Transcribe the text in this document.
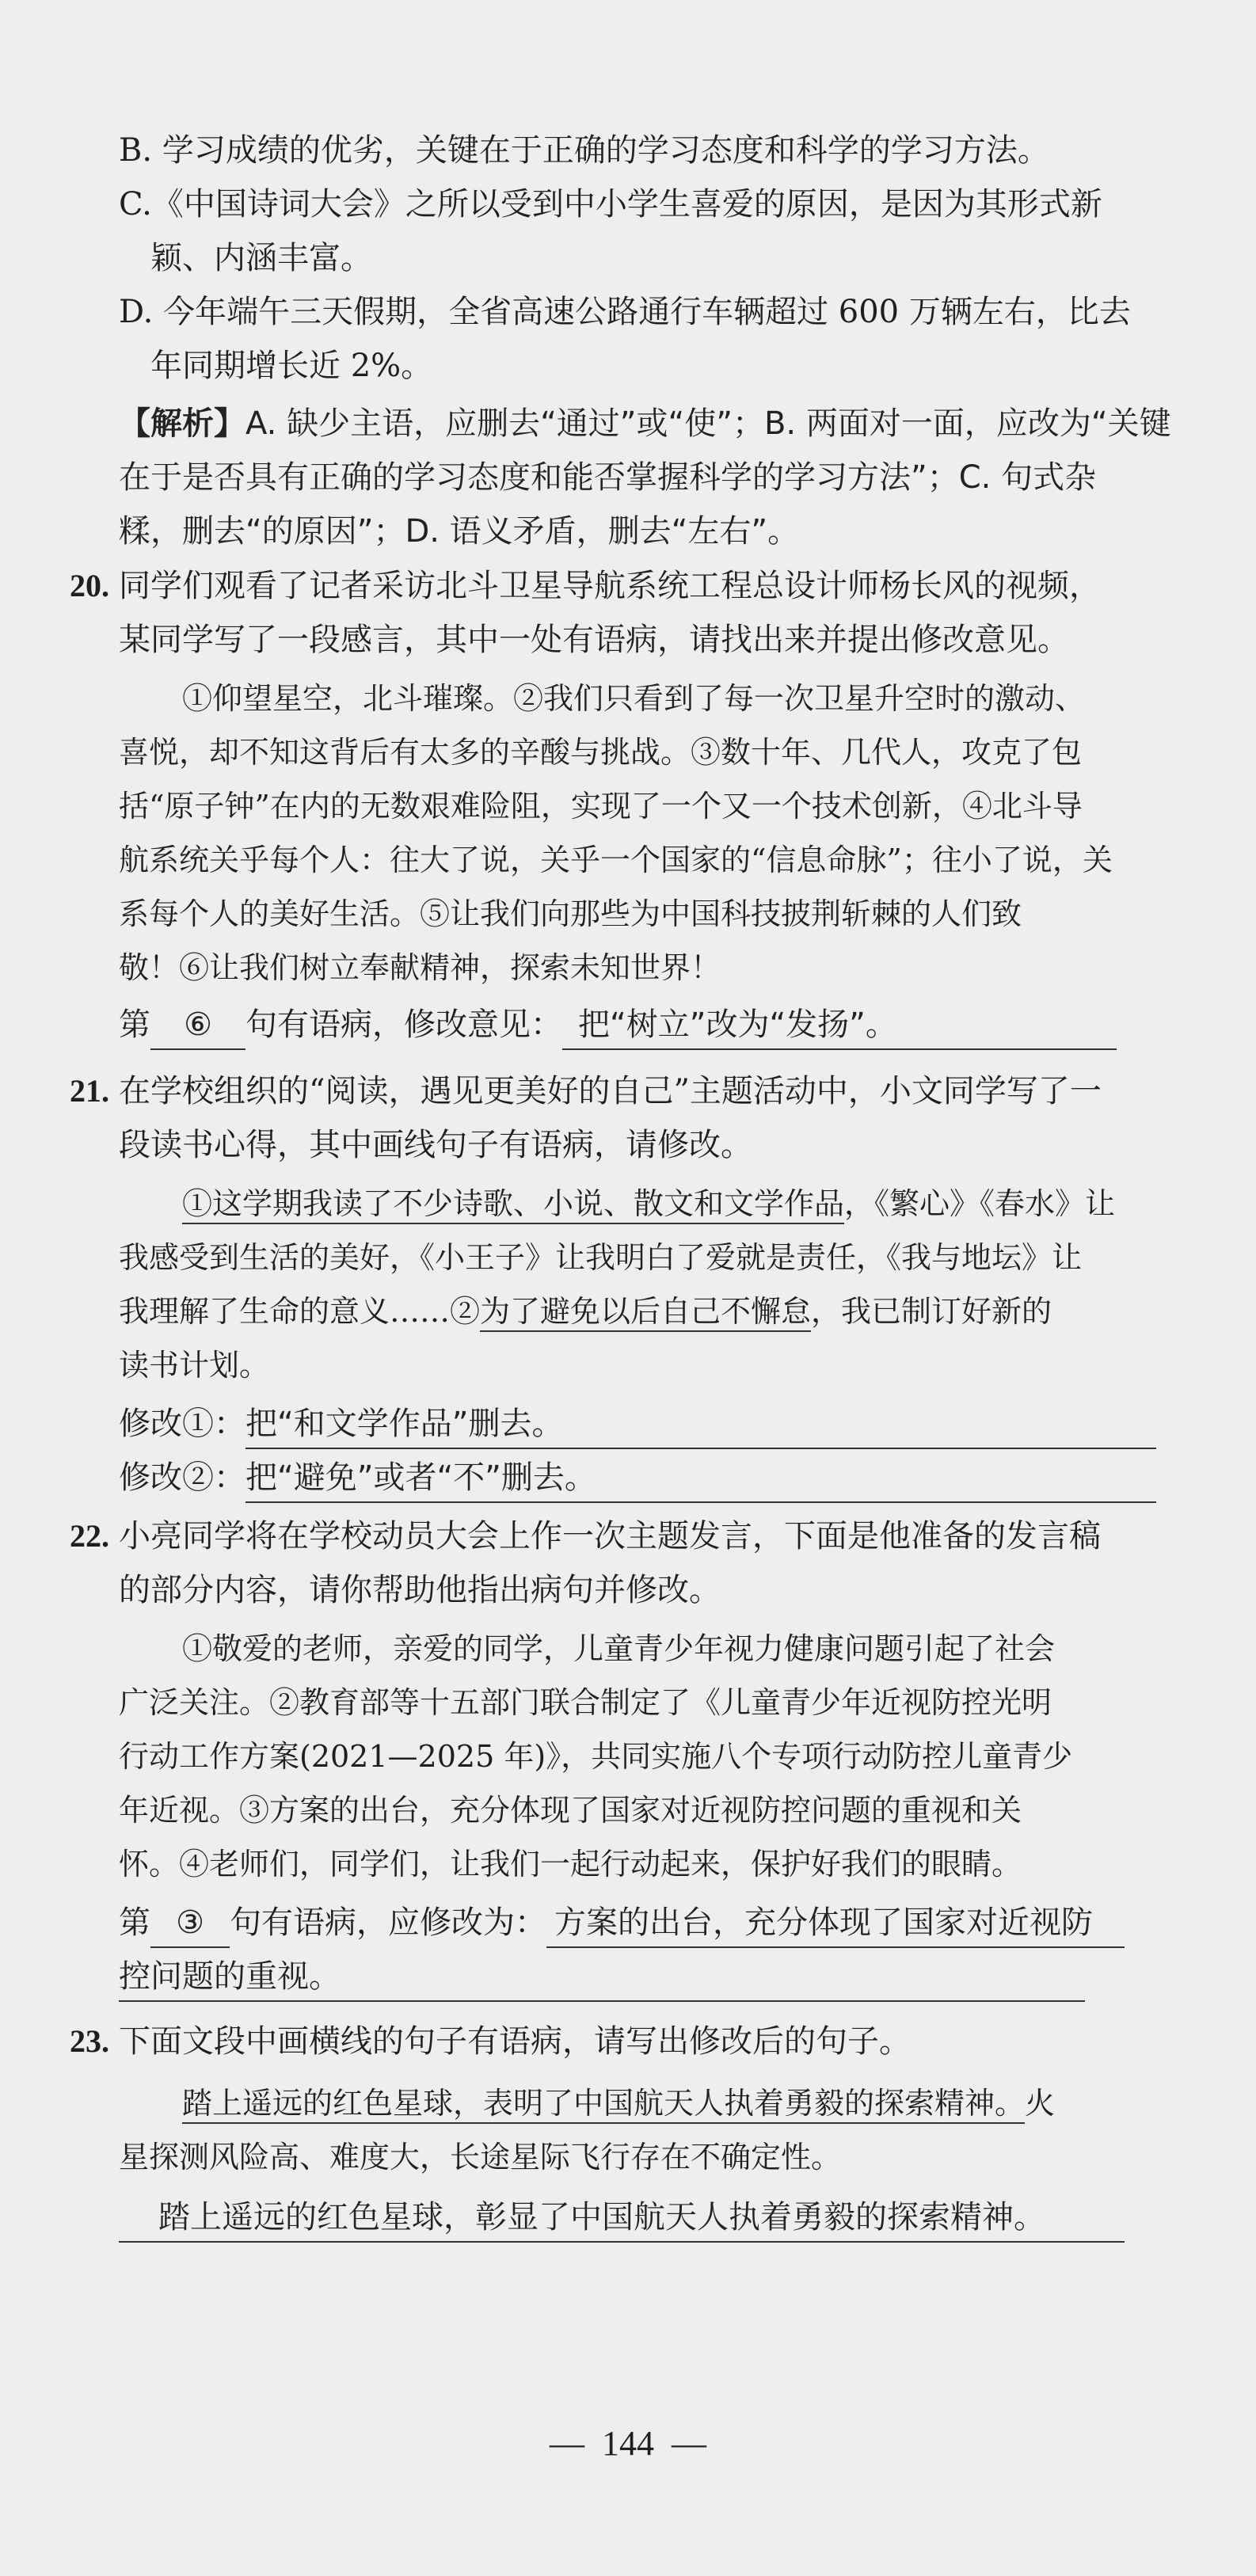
B. 学习成绩的优劣，关键在于正确的学习态度和科学的学习方法。
C.《中国诗词大会》之所以受到中小学生喜爱的原因，是因为其形式新
颖、内涵丰富。
D. 今年端午三天假期，全省高速公路通行车辆超过 600 万辆左右，比去
年同期增长近 2%。
【解析】A. 缺少主语，应删去“通过”或“使”；B. 两面对一面，应改为“关键
在于是否具有正确的学习态度和能否掌握科学的学习方法”；C. 句式杂
糅，删去“的原因”；D. 语义矛盾，删去“左右”。
20. 同学们观看了记者采访北斗卫星导航系统工程总设计师杨长风的视频，
某同学写了一段感言，其中一处有语病，请找出来并提出修改意见。
①仰望星空，北斗璀璨。②我们只看到了每一次卫星升空时的激动、
喜悦，却不知这背后有太多的辛酸与挑战。③数十年、几代人，攻克了包
括“原子钟”在内的无数艰难险阻，实现了一个又一个技术创新，④北斗导
航系统关乎每个人：往大了说，关乎一个国家的“信息命脉”；往小了说，关
系每个人的美好生活。⑤让我们向那些为中国科技披荆斩棘的人们致
敬！⑥让我们树立奉献精神，探索未知世界！
第 ⑥ 句有语病，修改意见： 把“树立”改为“发扬”。
21. 在学校组织的“阅读，遇见更美好的自己”主题活动中，小文同学写了一
段读书心得，其中画线句子有语病，请修改。
①这学期我读了不少诗歌、小说、散文和文学作品，《繁心》《春水》让
我感受到生活的美好，《小王子》让我明白了爱就是责任，《我与地坛》让
我理解了生命的意义……②为了避免以后自己不懈怠，我已制订好新的
读书计划。
修改①：把“和文学作品”删去。
修改②：把“避免”或者“不”删去。
22. 小亮同学将在学校动员大会上作一次主题发言，下面是他准备的发言稿
的部分内容，请你帮助他指出病句并修改。
①敬爱的老师，亲爱的同学，儿童青少年视力健康问题引起了社会
广泛关注。②教育部等十五部门联合制定了《儿童青少年近视防控光明
行动工作方案(2021—2025 年)》，共同实施八个专项行动防控儿童青少
年近视。③方案的出台，充分体现了国家对近视防控问题的重视和关
怀。④老师们，同学们，让我们一起行动起来，保护好我们的眼睛。
第 ③ 句有语病，应修改为： 方案的出台，充分体现了国家对近视防
控问题的重视。
23. 下面文段中画横线的句子有语病，请写出修改后的句子。
踏上遥远的红色星球，表明了中国航天人执着勇毅的探索精神。火
星探测风险高、难度大，长途星际飞行存在不确定性。
踏上遥远的红色星球，彰显了中国航天人执着勇毅的探索精神。
—  144  —
